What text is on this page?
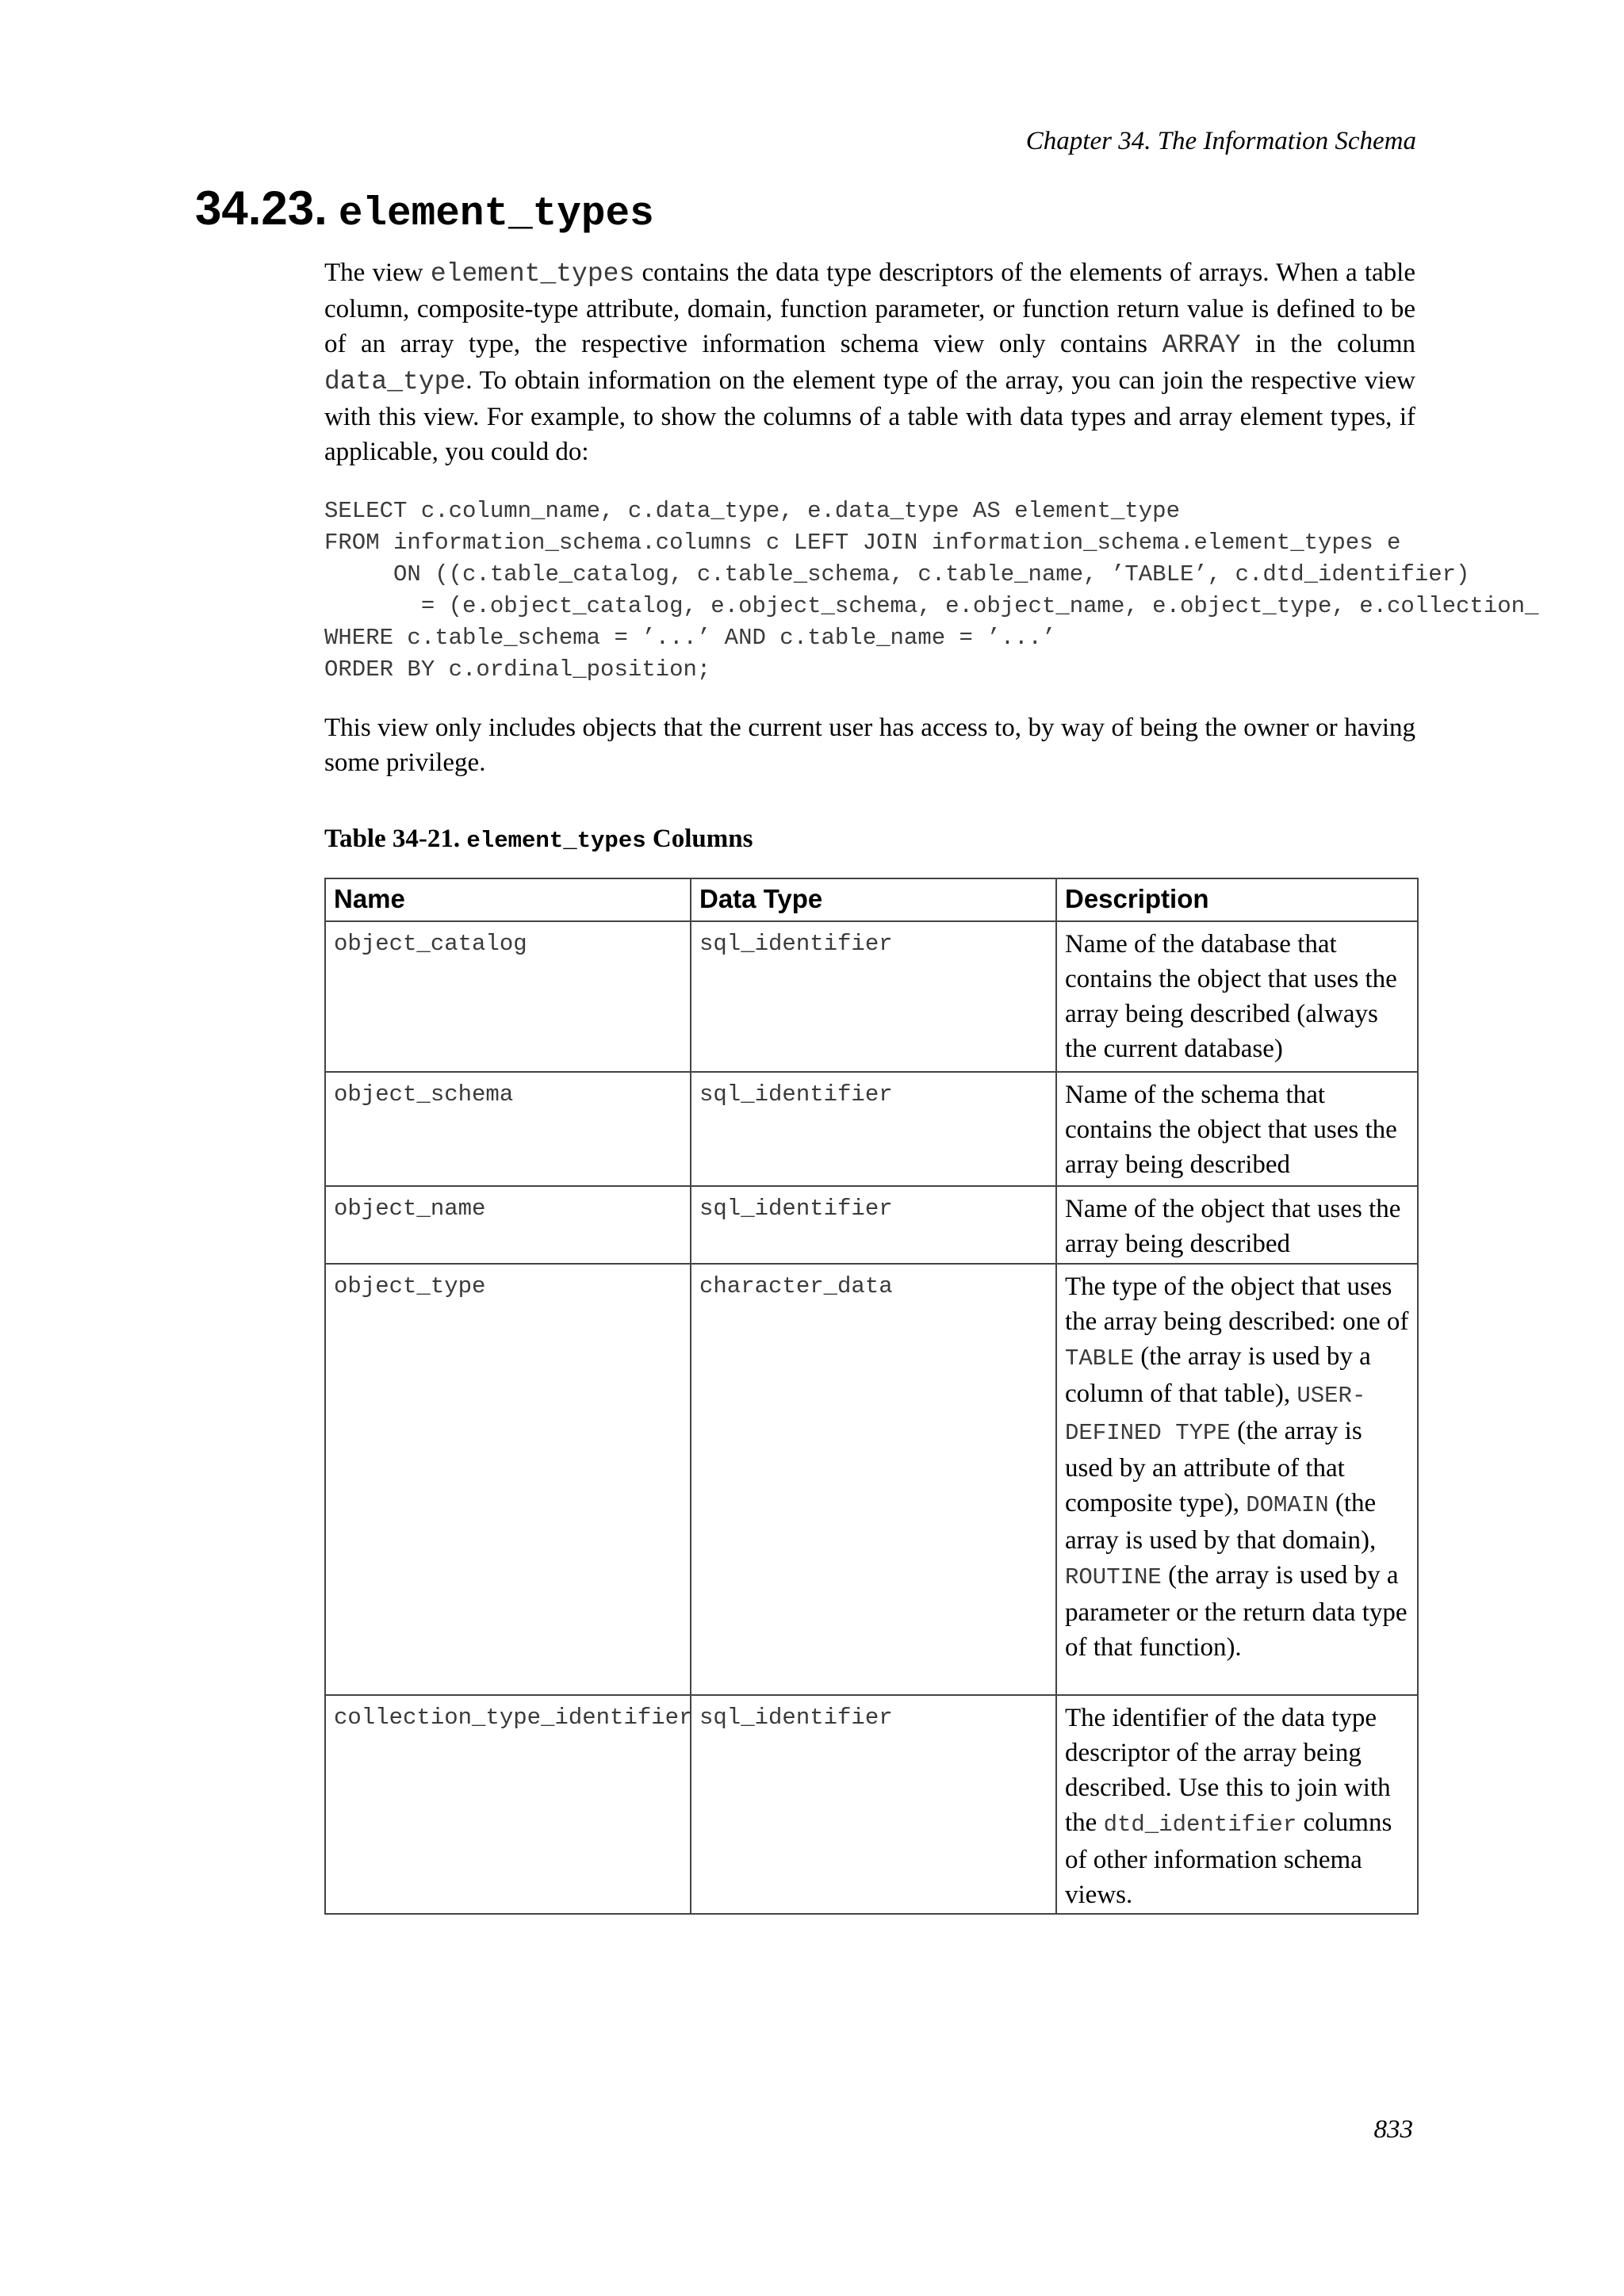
Chapter 34. The Information Schema
34.23. element_types

The view element_types contains the data type descriptors of the elements of arrays. When a table column, composite-type attribute, domain, function parameter, or function return value is defined to be of an array type, the respective information schema view only contains ARRAY in the column data_type. To obtain information on the element type of the array, you can join the respective view with this view. For example, to show the columns of a table with data types and array element types, if applicable, you could do:

SELECT c.column_name, c.data_type, e.data_type AS element_type
FROM information_schema.columns c LEFT JOIN information_schema.element_types e
ON ((c.table_catalog, c.table_schema, c.table_name, ’TABLE’, c.dtd_identifier)
= (e.object_catalog, e.object_schema, e.object_name, e.object_type, e.collection_
WHERE c.table_schema = ’...’ AND c.table_name = ’...’
ORDER BY c.ordinal_position;

This view only includes objects that the current user has access to, by way of being the owner or having some privilege.

Table 34-21. element_types Columns
Name	Data Type	Description
object_catalog	sql_identifier	Name of the database that contains the object that uses the array being described (always the current database)
object_schema	sql_identifier	Name of the schema that contains the object that uses the array being described
object_name	sql_identifier	Name of the object that uses the array being described
object_type	character_data	The type of the object that uses the array being described: one of TABLE (the array is used by a column of that table), USER-DEFINED TYPE (the array is used by an attribute of that composite type), DOMAIN (the array is used by that domain), ROUTINE (the array is used by a parameter or the return data type of that function).
collection_type_identifier	sql_identifier	The identifier of the data type descriptor of the array being described. Use this to join with the dtd_identifier columns of other information schema views.
833
